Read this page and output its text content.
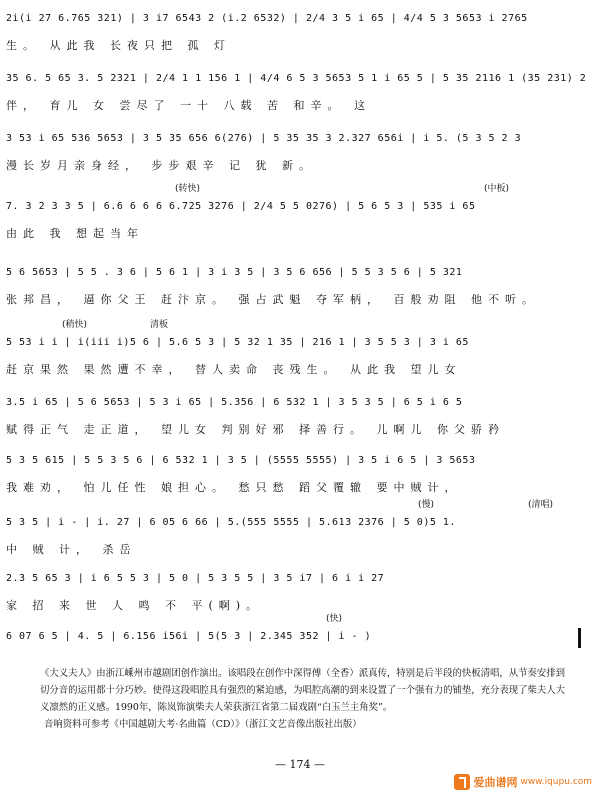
2i(i 27 6.765 321) | 3 i7 6543 2 (i.2 6532) | 2/4 3 5 i 65 | 4/4 5 3 5653 i 2765
生。 从此我 长夜只把 孤 灯
35 6. 5 65 3. 5 2321 | 2/4 1 1 156 1 | 4/4 6 5 3 5653 5 1 i 65 5 | 5 35 2116 1 (35 231) 2
伴， 育儿 女 尝尽了 一十 八载 苦 和辛。 这
3 53 i 65 536 5653 | 3 5 35 656 6(276) | 5 35 35 3 2.327 656i | i 5. (5 3 5 2 3
漫长岁月亲身经， 步步艰辛 记 犹 新。
(转快)	(中板)
7. 3 2 3 3 5 | 6.6 6 6 6 6.725 3276 | 2/4 5 5 0276) | 5 6 5 3 | 535 i 65
由此 我 想起当年
5 6 5653 | 5 5 . 3 6 | 5 6 1 | 3 i 3 5 | 3 5 6 656 | 5 5 3 5 6 | 5 321
张邦昌， 逼你父王 赶汴京。 强占武魁 夺军柄， 百般劝阻 他不听。
(稍快)	清板
5 53 i i | i(iii i)5 6 | 5.6 5 3 | 5 32 1 35 | 216 1 | 3 5 5 3 | 3 i 65
赶京果然 果然遭不幸， 替人卖命 丧残生。 从此我 望儿女
3.5 i 65 | 5 6 5653 | 5 3 i 65 | 5.356 | 6 532 1 | 3 5 3 5 | 6 5 i 6 5
赋得正气 走正道， 望儿女 判别好邪 择善行。 儿啊儿 你父骄矜
5 3 5 615 | 5 5 3 5 6 | 6 532 1 | 3 5 | (5555 5555) | 3 5 i 6 5 | 3 5653
我难劝， 怕儿任性 娘担心。 愁只愁 蹈父覆辙 要中贼计，
(慢)	(清唱)
5 3 5 | i - | i. 27 | 6 05 6 66 | 5.(555 5555 | 5.613 2376 | 5 0)5 1.
中 贼 计， 杀岳
2.3 5 65 3 | i 6 5 5 3 | 5 0 | 5 3 5 5 | 3 5 i7 | 6 i i 27
家 招 来 世 人 鸣 不 平(啊)。
(快)
6 07 6 5 | 4. 5 | 6.156 i56i | 5(5 3 | 2.345 352 | i - )

《大义夫人》由浙江嵊州市越剧团创作演出。该唱段在创作中深得傅（全香）派真传，特别是后半段的快板清唱，从节奏安排到切分音的运用都十分巧妙。使得这段唱腔具有强烈的紧迫感，为唱腔高潮的到来设置了一个强有力的铺垫，充分表现了柴夫人大义凛然的正义感。1990年，陈岚饰演柴夫人荣获浙江省第二届戏剧“白玉兰主角奖”。

音响资料可参考《中国越剧大考·名曲篇（CD）》（浙江文艺音像出版社出版）

— 174 —
爱曲谱网 www.iqupu.com
